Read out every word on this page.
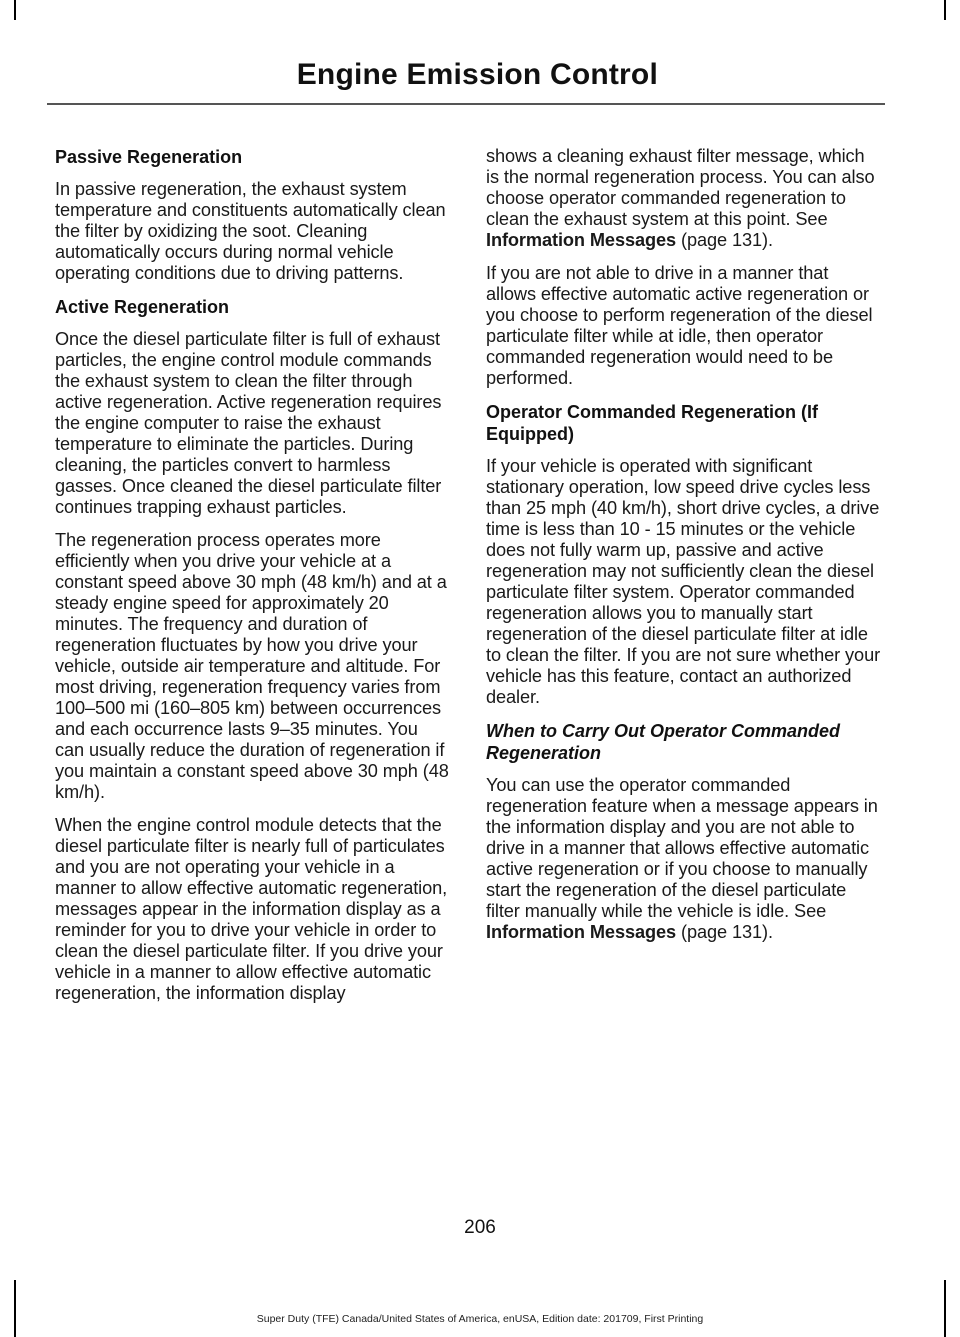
Engine Emission Control

Passive Regeneration

In passive regeneration, the exhaust system temperature and constituents automatically clean the filter by oxidizing the soot. Cleaning automatically occurs during normal vehicle operating conditions due to driving patterns.

Active Regeneration

Once the diesel particulate filter is full of exhaust particles, the engine control module commands the exhaust system to clean the filter through active regeneration. Active regeneration requires the engine computer to raise the exhaust temperature to eliminate the particles. During cleaning, the particles convert to harmless gasses. Once cleaned the diesel particulate filter continues trapping exhaust particles.

The regeneration process operates more efficiently when you drive your vehicle at a constant speed above 30 mph (48 km/h) and at a steady engine speed for approximately 20 minutes. The frequency and duration of regeneration fluctuates by how you drive your vehicle, outside air temperature and altitude. For most driving, regeneration frequency varies from 100–500 mi (160–805 km) between occurrences and each occurrence lasts 9–35 minutes. You can usually reduce the duration of regeneration if you maintain a constant speed above 30 mph (48 km/h).

When the engine control module detects that the diesel particulate filter is nearly full of particulates and you are not operating your vehicle in a manner to allow effective automatic regeneration, messages appear in the information display as a reminder for you to drive your vehicle in order to clean the diesel particulate filter. If you drive your vehicle in a manner to allow effective automatic regeneration, the information display

shows a cleaning exhaust filter message, which is the normal regeneration process. You can also choose operator commanded regeneration to clean the exhaust system at this point. See Information Messages (page 131).

If you are not able to drive in a manner that allows effective automatic active regeneration or you choose to perform regeneration of the diesel particulate filter while at idle, then operator commanded regeneration would need to be performed.

Operator Commanded Regeneration (If Equipped)

If your vehicle is operated with significant stationary operation, low speed drive cycles less than 25 mph (40 km/h), short drive cycles, a drive time is less than 10 - 15 minutes or the vehicle does not fully warm up, passive and active regeneration may not sufficiently clean the diesel particulate filter system. Operator commanded regeneration allows you to manually start regeneration of the diesel particulate filter at idle to clean the filter. If you are not sure whether your vehicle has this feature, contact an authorized dealer.

When to Carry Out Operator Commanded Regeneration

You can use the operator commanded regeneration feature when a message appears in the information display and you are not able to drive in a manner that allows effective automatic active regeneration or if you choose to manually start the regeneration of the diesel particulate filter manually while the vehicle is idle. See Information Messages (page 131).

206
Super Duty (TFE) Canada/United States of America, enUSA, Edition date: 201709, First Printing
